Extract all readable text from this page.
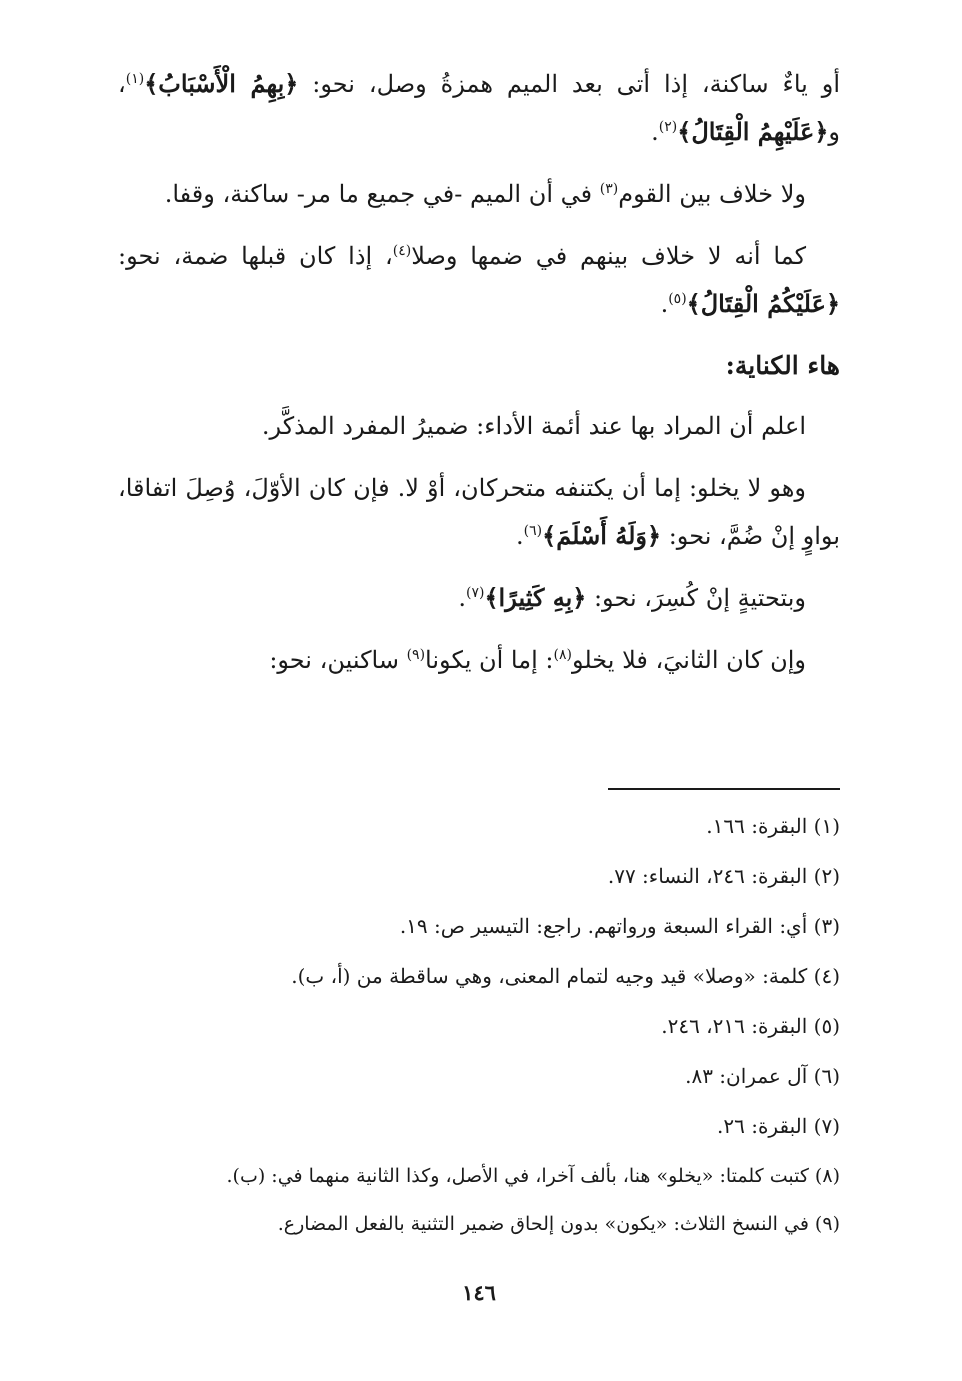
أو ياءٌ ساكنة، إذا أتى بعد الميم همزةُ وصل، نحو: ﴿بِهِمُ الْأَسْبَابُ﴾$^{(١)}$، و﴿عَلَيْهِمُ الْقِتَالُ﴾$^{(٢)}$.

ولا خلاف بين القوم$^{(٣)}$ في أن الميم -في جميع ما مر- ساكنة، وقفا.

كما أنه لا خلاف بينهم في ضمها وصلا$^{(٤)}$، إذا كان قبلها ضمة، نحو: ﴿عَلَيْكُمُ الْقِتَالُ﴾$^{(٥)}$.

هاء الكناية:

اعلم أن المراد بها عند أئمة الأداء: ضميرُ المفرد المذكَّر.

وهو لا يخلو: إما أن يكتنفه متحركان، أوْ لا. فإن كان الأوّلَ، وُصِلَ اتفاقا، بواوٍ إنْ ضُمَّ، نحو: ﴿وَلَهُ أَسْلَمَ﴾$^{(٦)}$.

وبتحتيةٍ إنْ كُسِرَ، نحو: ﴿بِهِ كَثِيرًا﴾$^{(٧)}$.

وإن كان الثانيَ، فلا يخلو$^{(٨)}$: إما أن يكونا$^{(٩)}$ ساكنين، نحو:

(١) البقرة: ١٦٦.

(٢) البقرة: ٢٤٦، النساء: ٧٧.

(٣) أي: القراء السبعة ورواتهم. راجع: التيسير ص: ١٩.

(٤) كلمة: «وصلا» قيد وجيه لتمام المعنى، وهي ساقطة من (أ، ب).

(٥) البقرة: ٢١٦، ٢٤٦.

(٦) آل عمران: ٨٣.

(٧) البقرة: ٢٦.

(٨) كتبت كلمتا: «يخلو» هنا، بألف آخرا، في الأصل، وكذا الثانية منهما في: (ب).

(٩) في النسخ الثلاث: «يكون» بدون إلحاق ضمير التثنية بالفعل المضارع.

١٤٦
